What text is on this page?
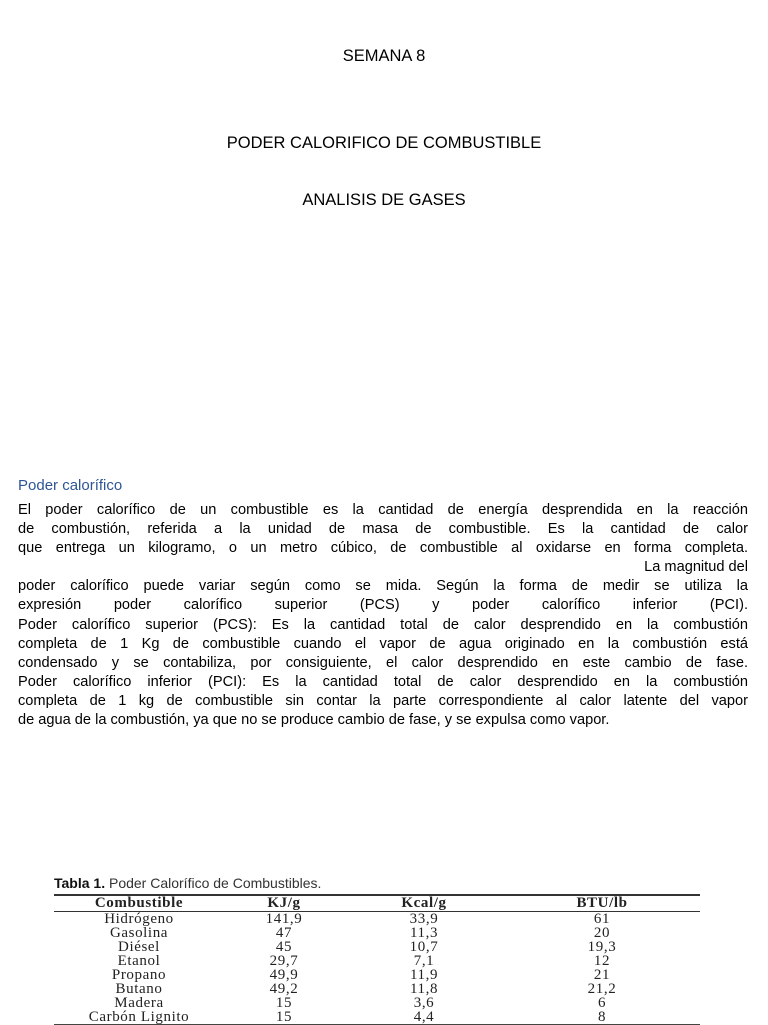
SEMANA 8
PODER CALORIFICO DE COMBUSTIBLE
ANALISIS DE GASES
Poder calorífico
El poder calorífico de un combustible es la cantidad de energía desprendida en la reacción
de combustión, referida a la unidad de masa de combustible. Es la cantidad de calor
que entrega un kilogramo, o un metro cúbico, de combustible al oxidarse en forma completa.
La magnitud del
poder calorífico puede variar según como se mida. Según la forma de medir se utiliza la
expresión poder calorífico superior (PCS) y poder calorífico inferior (PCI).
Poder calorífico superior (PCS): Es la cantidad total de calor desprendido en la combustión
completa de 1 Kg de combustible cuando el vapor de agua originado en la combustión está
condensado y se contabiliza, por consiguiente, el calor desprendido en este cambio de fase.
Poder calorífico inferior (PCI): Es la cantidad total de calor desprendido en la combustión
completa de 1 kg de combustible sin contar la parte correspondiente al calor latente del vapor
de agua de la combustión, ya que no se produce cambio de fase, y se expulsa como vapor.

Tabla 1. Poder Calorífico de Combustibles.

Combustible	KJ/g	Kcal/g	BTU/lb
Hidrógeno	141,9	33,9	61
Gasolina	47	11,3	20
Diésel	45	10,7	19,3
Etanol	29,7	7,1	12
Propano	49,9	11,9	21
Butano	49,2	11,8	21,2
Madera	15	3,6	6
Carbón Lignito	15	4,4	8
